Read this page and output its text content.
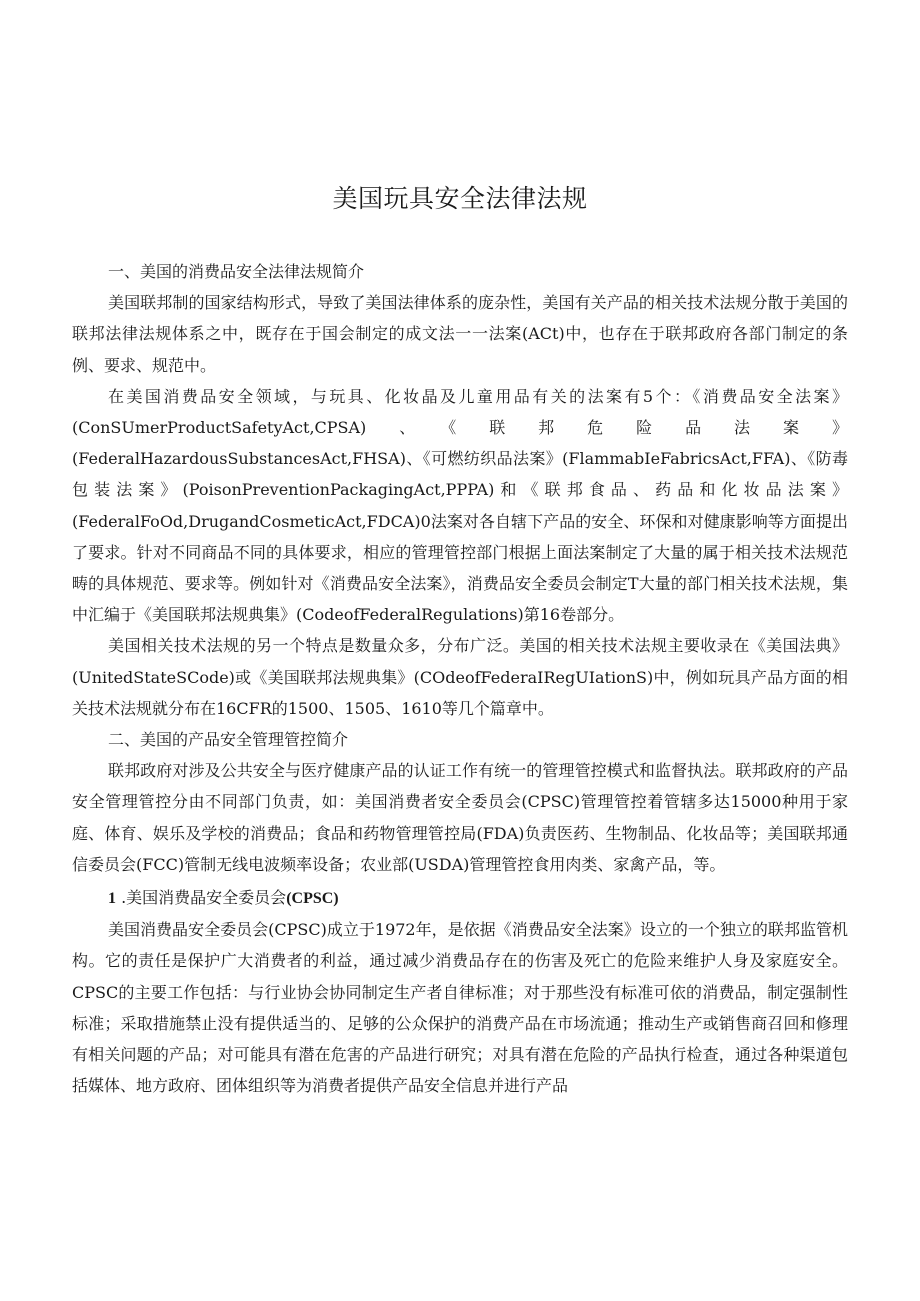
美国玩具安全法律法规
一、美国的消费品安全法律法规简介

美国联邦制的国家结构形式，导致了美国法律体系的庞杂性，美国有关产品的相关技术法规分散于美国的联邦法律法规体系之中，既存在于国会制定的成文法一一法案(ACt)中，也存在于联邦政府各部门制定的条例、要求、规范中。

在美国消费品安全领域，与玩具、化妆晶及儿童用品有关的法案有5个：《消费品安全法案》(ConSUmerProductSafetyAct,CPSA)、《联邦危险品法案》(FederalHazardousSubstancesAct,FHSA)、《可燃纺织品法案》(FlammabIeFabricsAct,FFA)、《防毒包装法案》(PoisonPreventionPackagingAct,PPPA)和《联邦食品、药品和化妆品法案》(FederalFoOd,DrugandCosmeticAct,FDCA)0法案对各自辖下产品的安全、环保和对健康影响等方面提出了要求。针对不同商品不同的具体要求，相应的管理管控部门根据上面法案制定了大量的属于相关技术法规范畴的具体规范、要求等。例如针对《消费品安全法案》，消费品安全委员会制定T大量的部门相关技术法规，集中汇编于《美国联邦法规典集》(CodeofFederalRegulations)第16卷部分。

美国相关技术法规的另一个特点是数量众多，分布广泛。美国的相关技术法规主要收录在《美国法典》(UnitedStateSCode)或《美国联邦法规典集》(COdeofFederaIRegUIationS)中，例如玩具产品方面的相关技术法规就分布在16CFR的1500、1505、1610等几个篇章中。

二、美国的产品安全管理管控简介

联邦政府对涉及公共安全与医疗健康产品的认证工作有统一的管理管控模式和监督执法。联邦政府的产品安全管理管控分由不同部门负责，如：美国消费者安全委员会(CPSC)管理管控着管辖多达15000种用于家庭、体育、娱乐及学校的消费品；食品和药物管理管控局(FDA)负责医药、生物制品、化妆品等；美国联邦通信委员会(FCC)管制无线电波频率设备；农业部(USDA)管理管控食用肉类、家禽产品，等。

1 .美国消费晶安全委员会(CPSC)

美国消费晶安全委员会(CPSC)成立于1972年，是依据《消费品安全法案》设立的一个独立的联邦监管机构。它的责任是保护广大消费者的利益，通过减少消费品存在的伤害及死亡的危险来维护人身及家庭安全。CPSC的主要工作包括：与行业协会协同制定生产者自律标准；对于那些没有标准可依的消费品，制定强制性标准；采取措施禁止没有提供适当的、足够的公众保护的消费产品在市场流通；推动生产或销售商召回和修理有相关问题的产品；对可能具有潜在危害的产品进行研究；对具有潜在危险的产品执行检查，通过各种渠道包括媒体、地方政府、团体组织等为消费者提供产品安全信息并进行产品
